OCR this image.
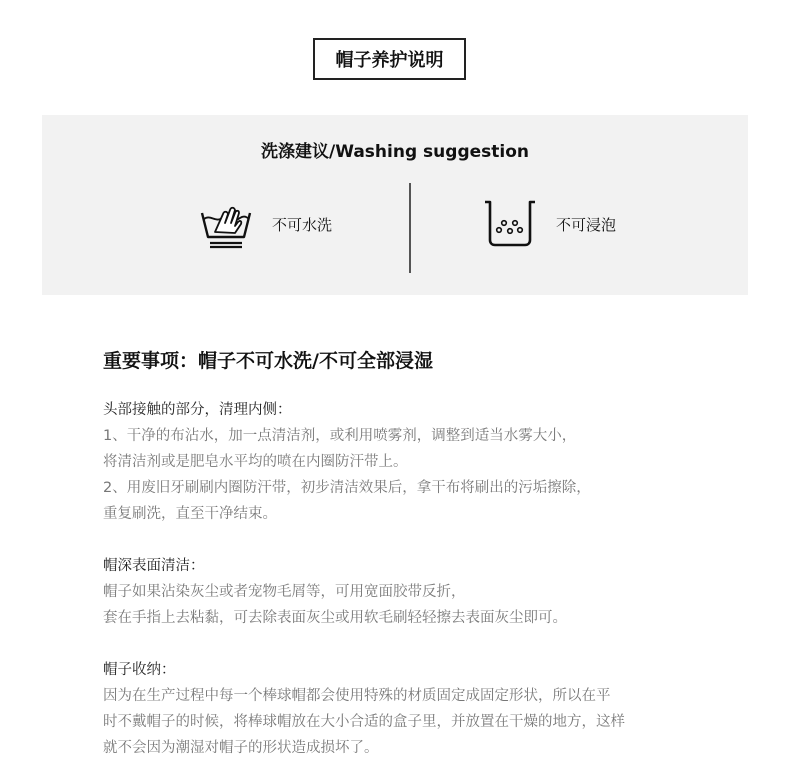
帽子养护说明
洗涤建议/Washing suggestion
不可水洗	不可浸泡
重要事项：帽子不可水洗/不可全部浸湿
头部接触的部分，清理内侧：
1、干净的布沾水，加一点清洁剂，或利用喷雾剂，调整到适当水雾大小，
将清洁剂或是肥皂水平均的喷在内圈防汗带上。
2、用废旧牙刷刷内圈防汗带，初步清洁效果后，拿干布将刷出的污垢擦除，
重复刷洗，直至干净结束。
帽深表面清洁：
帽子如果沾染灰尘或者宠物毛屑等，可用宽面胶带反折，
套在手指上去粘黏，可去除表面灰尘或用软毛刷轻轻擦去表面灰尘即可。
帽子收纳：
因为在生产过程中每一个棒球帽都会使用特殊的材质固定成固定形状，所以在平
时不戴帽子的时候，将棒球帽放在大小合适的盒子里，并放置在干燥的地方，这样
就不会因为潮湿对帽子的形状造成损坏了。
